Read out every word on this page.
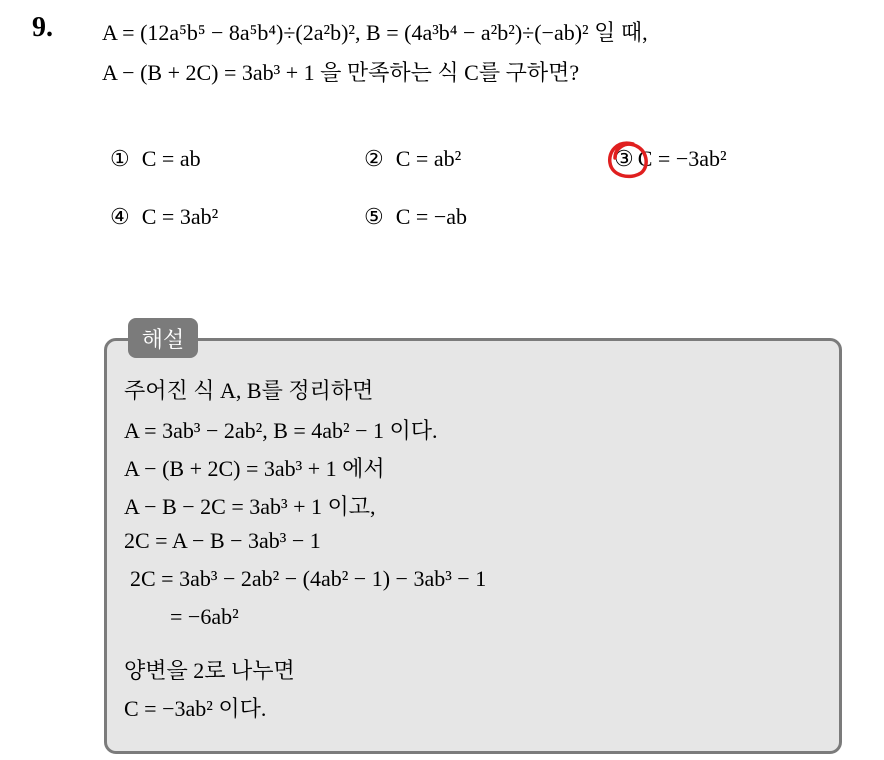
9. A = (12a⁵b⁵ − 8a⁵b⁴)÷(2a²b)², B = (4a³b⁴ − a²b²)÷(−ab)² 일 때,
A − (B + 2C) = 3ab³ + 1 을 만족하는 식 C를 구하면?
① C = ab	② C = ab²	③ C = −3ab²
④ C = 3ab²	⑤ C = −ab
해설
주어진 식 A, B를 정리하면
A = 3ab³ − 2ab², B = 4ab² − 1 이다.
A − (B + 2C) = 3ab³ + 1 에서
A − B − 2C = 3ab³ + 1 이고,
2C = A − B − 3ab³ − 1
2C = 3ab³ − 2ab² − (4ab² − 1) − 3ab³ − 1
= −6ab²
양변을 2로 나누면
C = −3ab² 이다.
